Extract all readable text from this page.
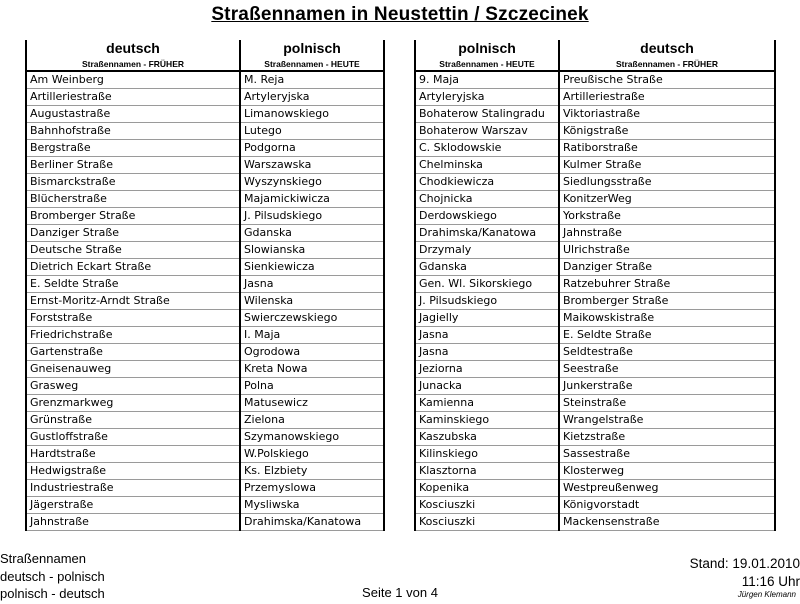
Straßennamen in Neustettin / Szczecinek
deutsch	polnisch
Straßennamen - FRÜHER	Straßennamen - HEUTE
Am Weinberg	M. Reja
Artilleriestraße	Artyleryjska
Augustastraße	Limanowskiego
Bahnhofstraße	Lutego
Bergstraße	Podgorna
Berliner Straße	Warszawska
Bismarckstraße	Wyszynskiego
Blücherstraße	Majamickiwicza
Bromberger Straße	J. Pilsudskiego
Danziger Straße	Gdanska
Deutsche Straße	Slowianska
Dietrich Eckart Straße	Sienkiewicza
E. Seldte Straße	Jasna
Ernst-Moritz-Arndt Straße	Wilenska
Forststraße	Swierczewskiego
Friedrichstraße	I. Maja
Gartenstraße	Ogrodowa
Gneisenauweg	Kreta Nowa
Grasweg	Polna
Grenzmarkweg	Matusewicz
Grünstraße	Zielona
Gustloffstraße	Szymanowskiego
Hardtstraße	W.Polskiego
Hedwigstraße	Ks. Elzbiety
Industriestraße	Przemyslowa
Jägerstraße	Mysliwska
Jahnstraße	Drahimska/Kanatowa
polnisch	deutsch
Straßennamen - HEUTE	Straßennamen - FRÜHER
9. Maja	Preußische Straße
Artyleryjska	Artilleriestraße
Bohaterow Stalingradu	Viktoriastraße
Bohaterow Warszav	Königstraße
C. Sklodowskie	Ratiborstraße
Chelminska	Kulmer Straße
Chodkiewicza	Siedlungsstraße
Chojnicka	KonitzerWeg
Derdowskiego	Yorkstraße
Drahimska/Kanatowa	Jahnstraße
Drzymaly	Ulrichstraße
Gdanska	Danziger Straße
Gen. Wl. Sikorskiego	Ratzebuhrer Straße
J. Pilsudskiego	Bromberger Straße
Jagielly	Maikowskistraße
Jasna	E. Seldte Straße
Jasna	Seldtestraße
Jeziorna	Seestraße
Junacka	Junkerstraße
Kamienna	Steinstraße
Kaminskiego	Wrangelstraße
Kaszubska	Kietzstraße
Kilinskiego	Sassestraße
Klasztorna	Klosterweg
Kopenika	Westpreußenweg
Kosciuszki	Königvorstadt
Kosciuszki	Mackensenstraße
Straßennamen
deutsch - polnisch
polnisch - deutsch	Seite 1 von 4
Stand: 19.01.2010
11:16 Uhr
Jürgen Klemann
